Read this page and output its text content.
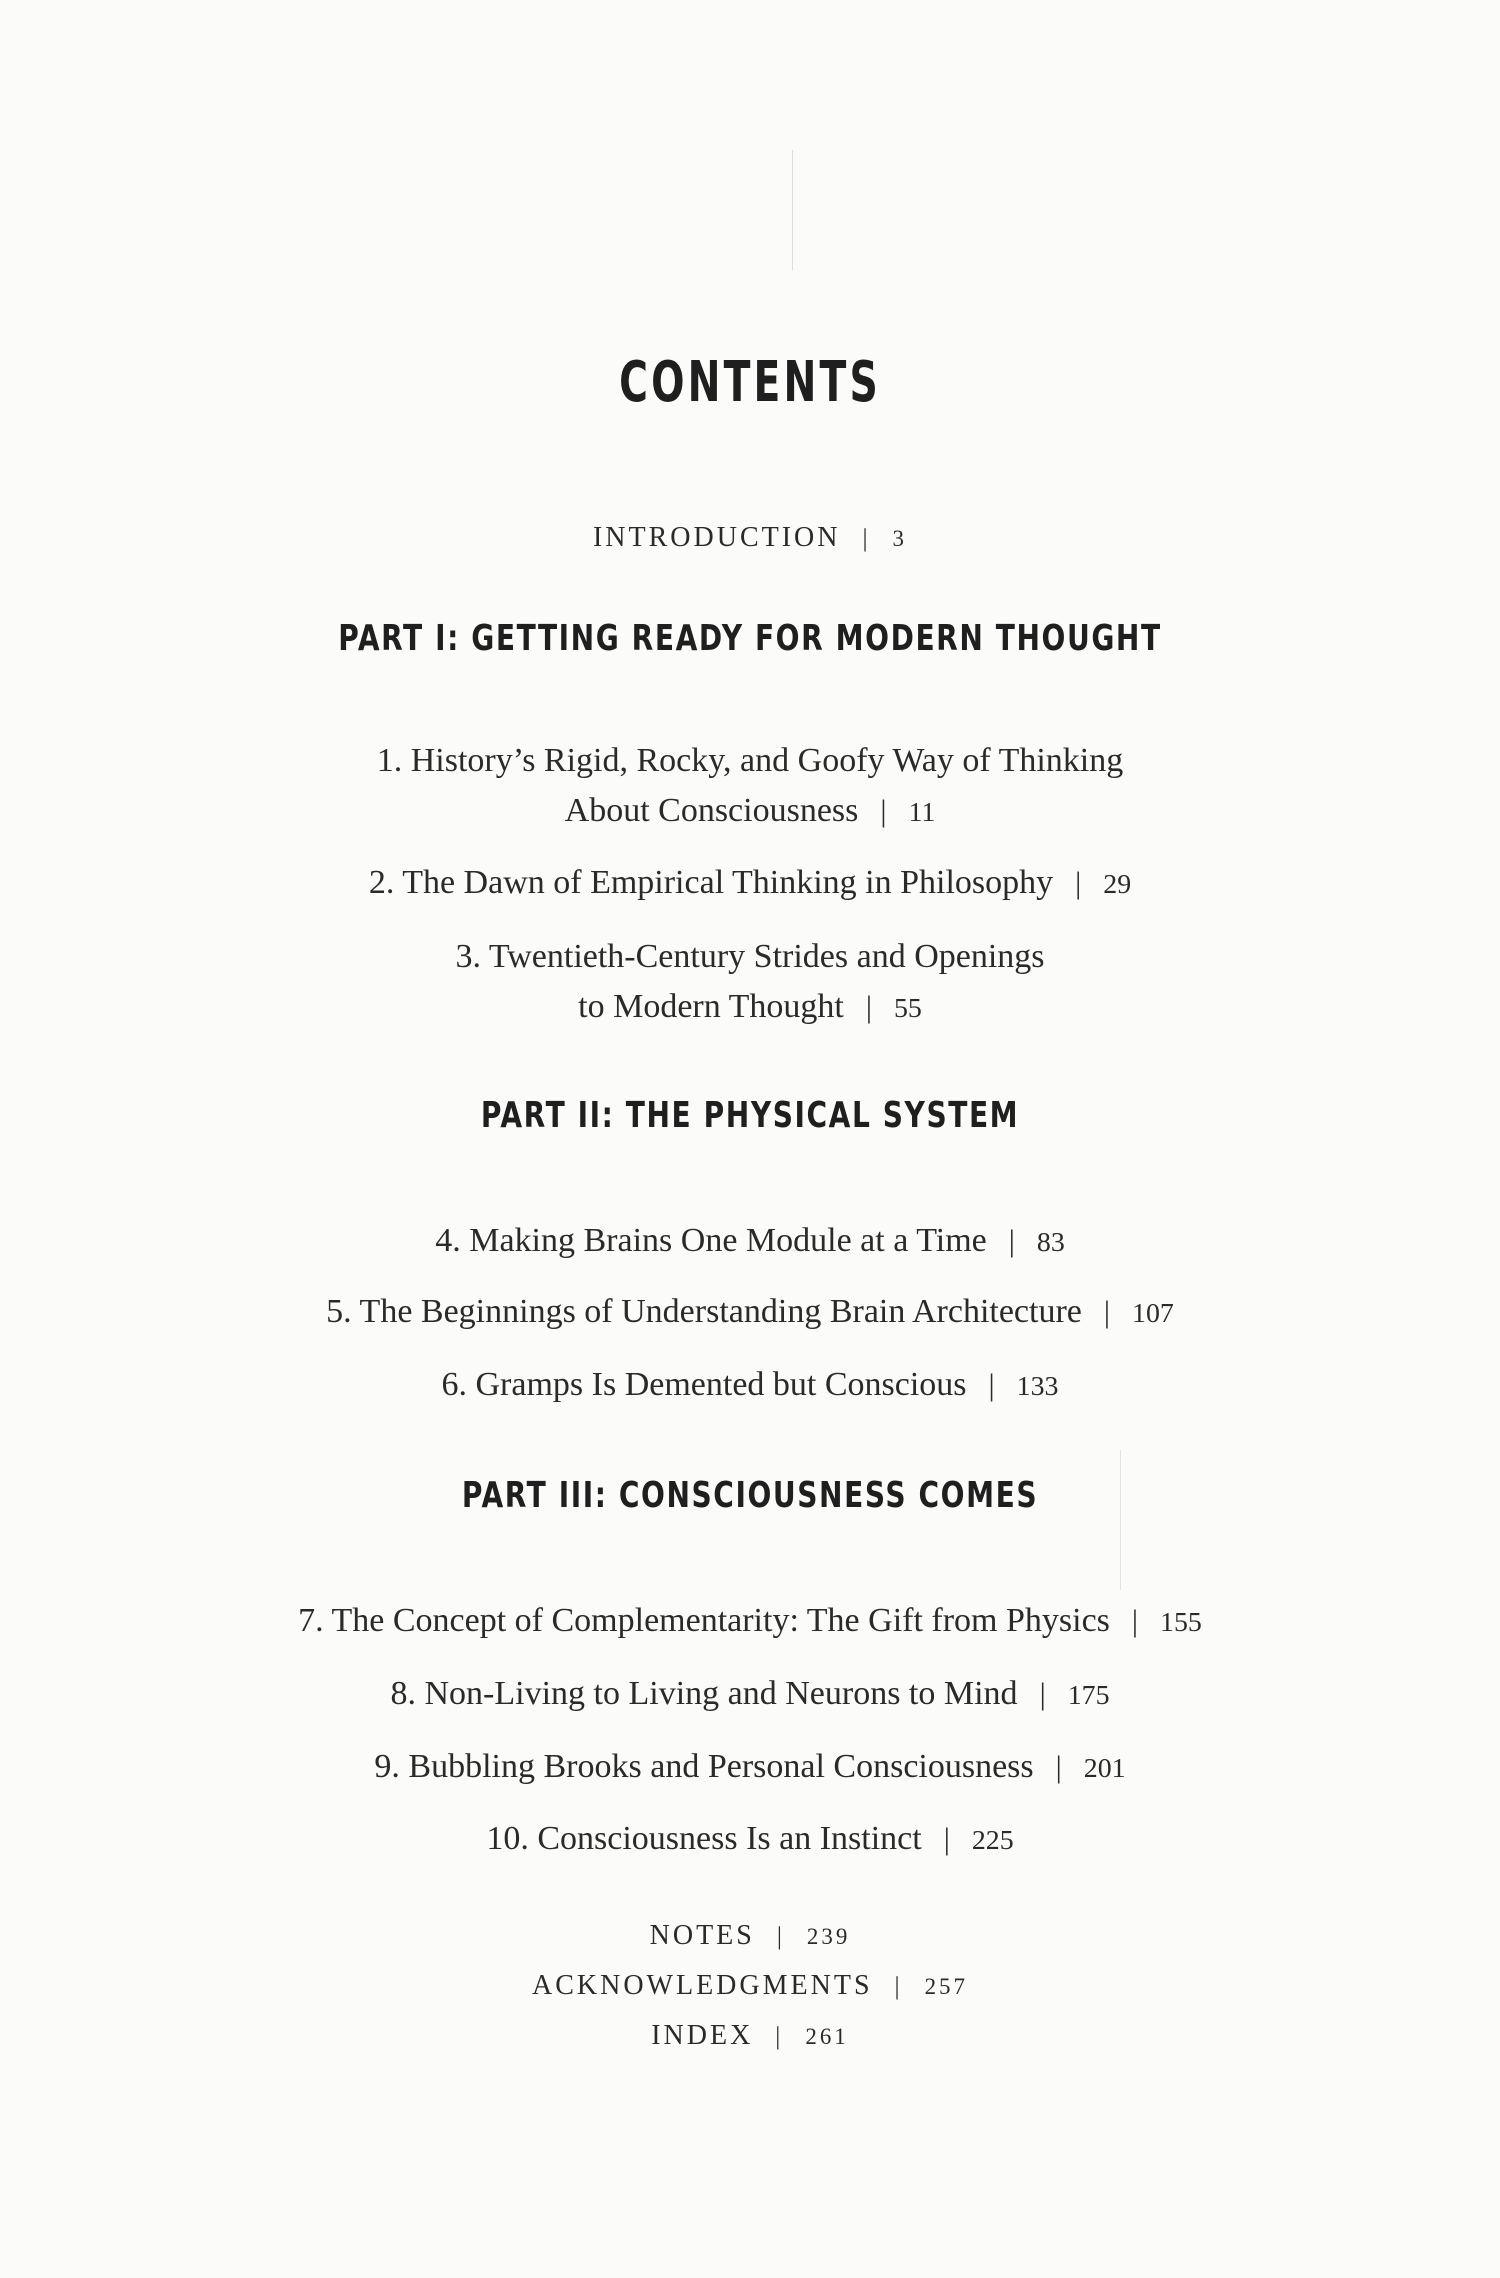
CONTENTS
INTRODUCTION | 3
PART I: GETTING READY FOR MODERN THOUGHT
1. History’s Rigid, Rocky, and Goofy Way of Thinking
About Consciousness | 11
2. The Dawn of Empirical Thinking in Philosophy | 29
3. Twentieth-Century Strides and Openings
to Modern Thought | 55
PART II: THE PHYSICAL SYSTEM
4. Making Brains One Module at a Time | 83
5. The Beginnings of Understanding Brain Architecture | 107
6. Gramps Is Demented but Conscious | 133
PART III: CONSCIOUSNESS COMES
7. The Concept of Complementarity: The Gift from Physics | 155
8. Non-Living to Living and Neurons to Mind | 175
9. Bubbling Brooks and Personal Consciousness | 201
10. Consciousness Is an Instinct | 225
NOTES | 239
ACKNOWLEDGMENTS | 257
INDEX | 261
